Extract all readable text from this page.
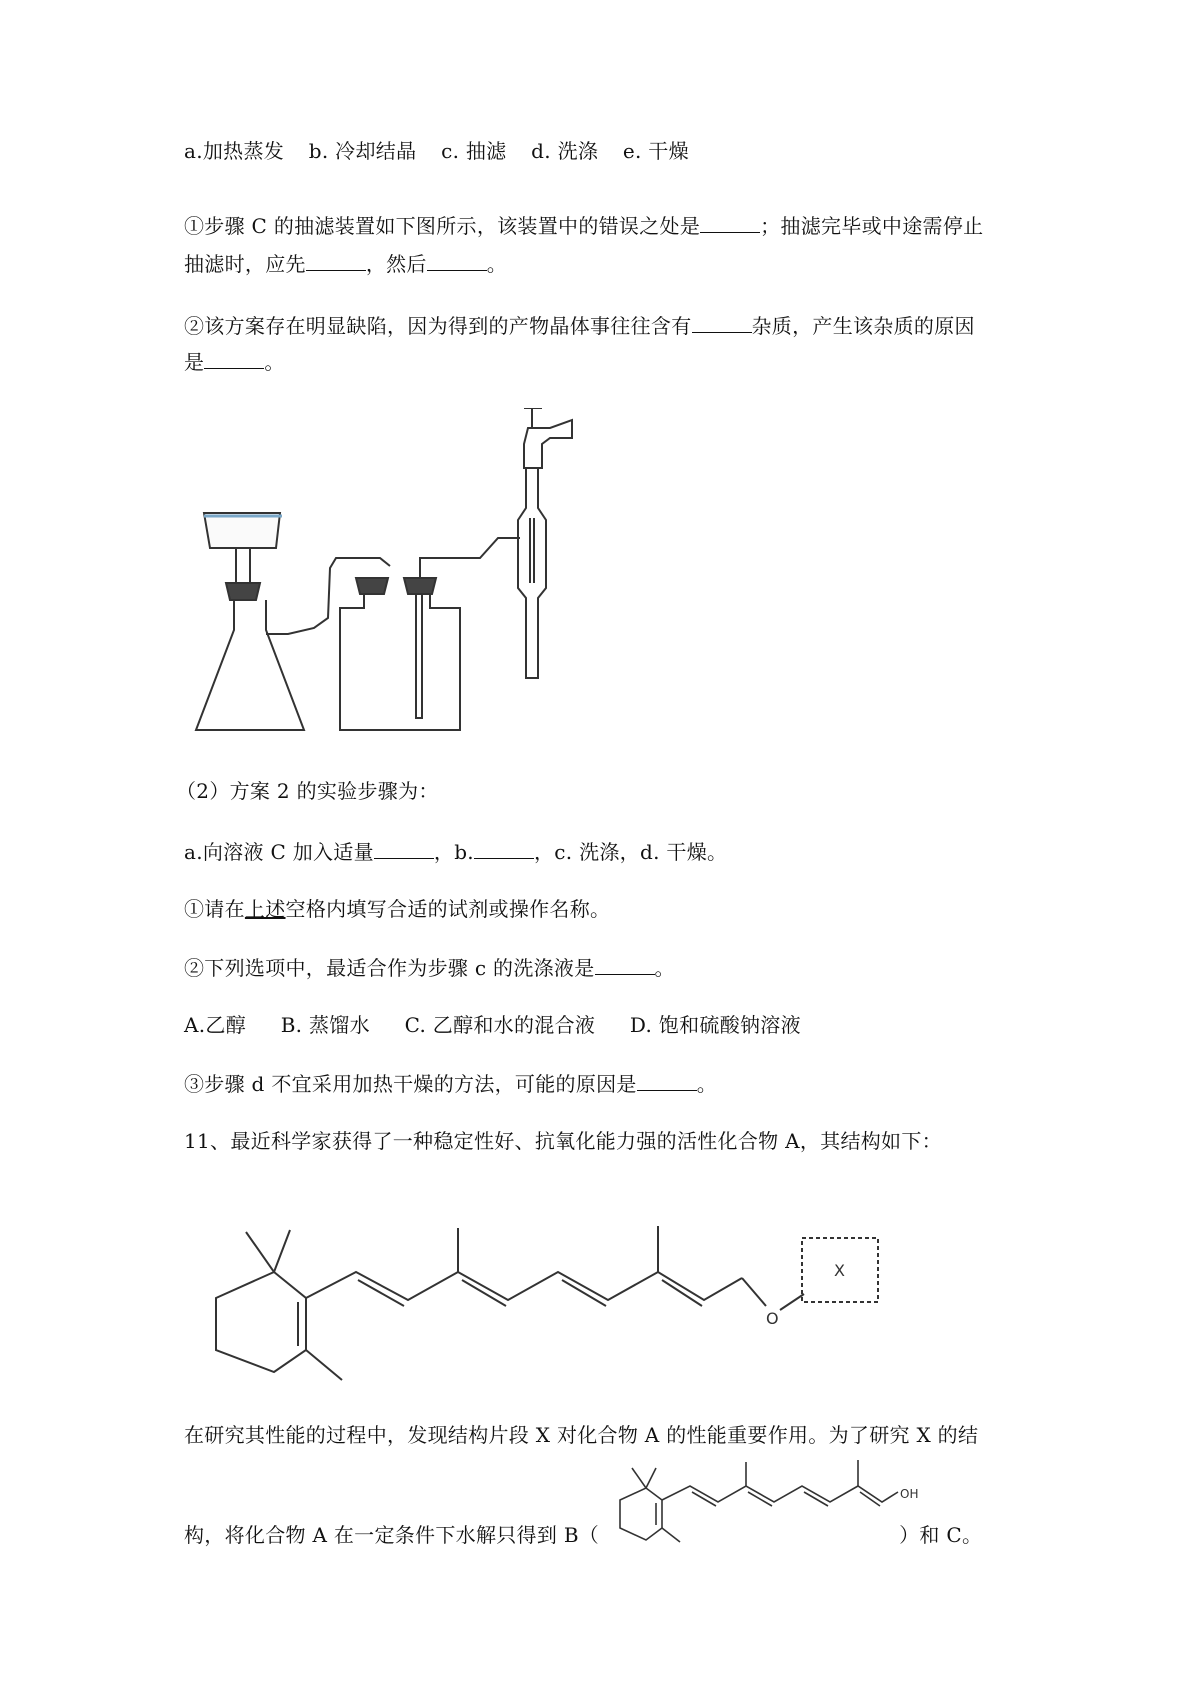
a.加热蒸发 b. 冷却结晶 c. 抽滤 d. 洗涤 e. 干燥
①步骤 C 的抽滤装置如下图所示，该装置中的错误之处是	；抽滤完毕或中途需停止
抽滤时，应先	，然后	。
②该方案存在明显缺陷，因为得到的产物晶体事往往含有	杂质，产生该杂质的原因
是	。
（2）方案 2 的实验步骤为：
a.向溶液 C 加入适量	，b.	，c. 洗涤，d. 干燥。
①请在上述空格内填写合适的试剂或操作名称。
②下列选项中，最适合作为步骤 c 的洗涤液是	。
A.乙醇 B. 蒸馏水 C. 乙醇和水的混合液 D. 饱和硫酸钠溶液
③步骤 d 不宜采用加热干燥的方法，可能的原因是	。
11、最近科学家获得了一种稳定性好、抗氧化能力强的活性化合物 A，其结构如下：
O
X
在研究其性能的过程中，发现结构片段 X 对化合物 A 的性能重要作用。为了研究 X 的结
构，将化合物 A 在一定条件下水解只得到 B（	）和 C。
OH
